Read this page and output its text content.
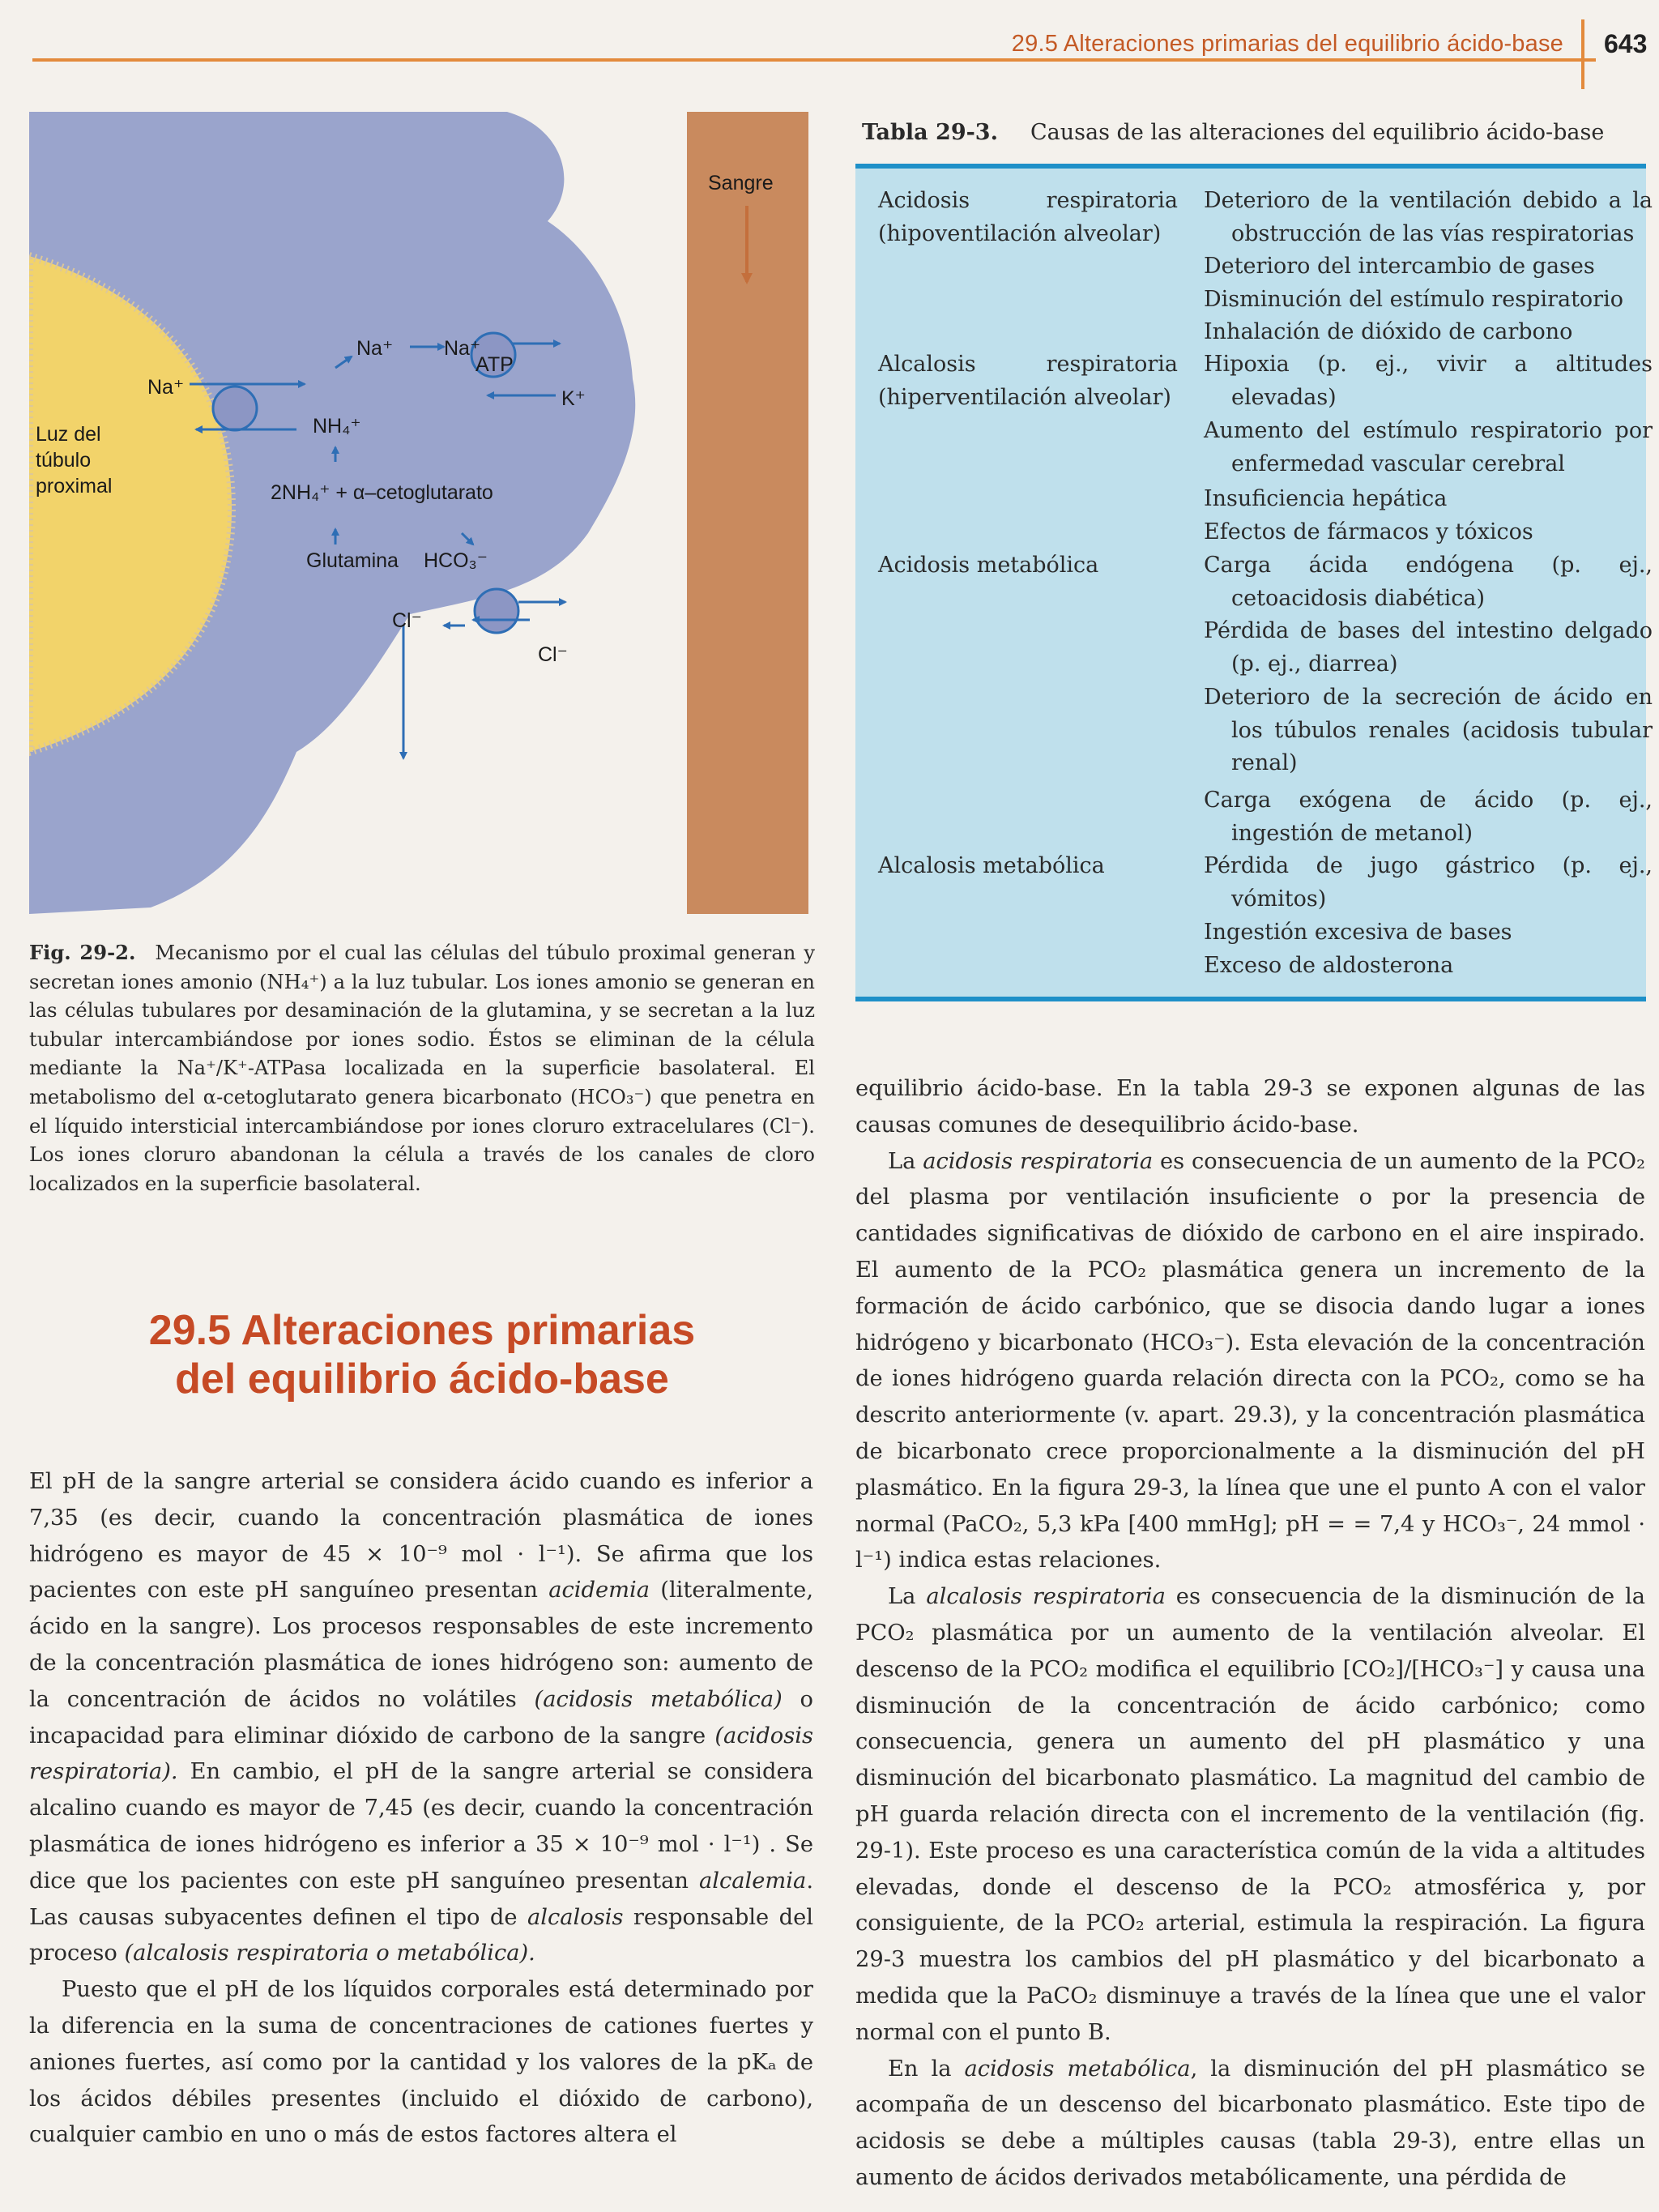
29.5 Alteraciones primarias del equilibrio ácido-base 643
Sangre
Luz del
túbulo
proximal
Na⁺
Na⁺	Na⁺
ATP
K⁺
NH₄⁺
2NH₄⁺ + α–cetoglutarato
Glutamina HCO₃⁻
Cl⁻
Cl⁻
Fig. 29-2. Mecanismo por el cual las células del túbulo proximal generan y secretan iones amonio (NH₄⁺) a la luz tubular. Los iones amonio se generan en las células tubulares por desaminación de la glutamina, y se secretan a la luz tubular intercambiándose por iones sodio. Éstos se eliminan de la célula mediante la Na⁺/K⁺-ATPasa localizada en la superficie basolateral. El metabolismo del α-cetoglutarato genera bicarbonato (HCO₃⁻) que penetra en el líquido intersticial intercambiándose por iones cloruro extracelulares (Cl⁻). Los iones cloruro abandonan la célula a través de los canales de cloro localizados en la superficie basolateral.
29.5 Alteraciones primarias
del equilibrio ácido-base

El pH de la sangre arterial se considera ácido cuando es inferior a 7,35 (es decir, cuando la concentración plasmática de iones hidrógeno es mayor de 45 × 10⁻⁹ mol · l⁻¹). Se afirma que los pacientes con este pH sanguíneo presentan acidemia (literalmente, ácido en la sangre). Los procesos responsables de este incremento de la concentración plasmática de iones hidrógeno son: aumento de la concentración de ácidos no volátiles (acidosis metabólica) o incapacidad para eliminar dióxido de carbono de la sangre (acidosis respiratoria). En cambio, el pH de la sangre arterial se considera alcalino cuando es mayor de 7,45 (es decir, cuando la concentración plasmática de iones hidrógeno es inferior a 35 × 10⁻⁹ mol · l⁻¹) . Se dice que los pacientes con este pH sanguíneo presentan alcalemia. Las causas subyacentes definen el tipo de alcalosis responsable del proceso (alcalosis respiratoria o metabólica).

Puesto que el pH de los líquidos corporales está determinado por la diferencia en la suma de concentraciones de cationes fuertes y aniones fuertes, así como por la cantidad y los valores de la pKₐ de los ácidos débiles presentes (incluido el dióxido de carbono), cualquier cambio en uno o más de estos factores altera el

Tabla 29-3. Causas de las alteraciones del equilibrio ácido-base
Acidosis respiratoria (hipoventilación alveolar)
Alcalosis respiratoria (hiperventilación alveolar)
Acidosis metabólica
Alcalosis metabólica
Deterioro de la ventilación debido a la obstrucción de las vías respiratorias
Deterioro del intercambio de gases
Disminución del estímulo respiratorio
Inhalación de dióxido de carbono
Hipoxia (p. ej., vivir a altitudes elevadas)
Aumento del estímulo respiratorio por enfermedad vascular cerebral
Insuficiencia hepática
Efectos de fármacos y tóxicos
Carga ácida endógena (p. ej., cetoacidosis diabética)
Pérdida de bases del intestino delgado (p. ej., diarrea)
Deterioro de la secreción de ácido en los túbulos renales (acidosis tubular renal)
Carga exógena de ácido (p. ej., ingestión de metanol)
Pérdida de jugo gástrico (p. ej., vómitos)
Ingestión excesiva de bases
Exceso de aldosterona

equilibrio ácido-base. En la tabla 29-3 se exponen algunas de las causas comunes de desequilibrio ácido-base.

La acidosis respiratoria es consecuencia de un aumento de la PCO₂ del plasma por ventilación insuficiente o por la presencia de cantidades significativas de dióxido de carbono en el aire inspirado. El aumento de la PCO₂ plasmática genera un incremento de la formación de ácido carbónico, que se disocia dando lugar a iones hidrógeno y bicarbonato (HCO₃⁻). Esta elevación de la concentración de iones hidrógeno guarda relación directa con la PCO₂, como se ha descrito anteriormente (v. apart. 29.3), y la concentración plasmática de bicarbonato crece proporcionalmente a la disminución del pH plasmático. En la figura 29-3, la línea que une el punto A con el valor normal (PaCO₂, 5,3 kPa [400 mmHg]; pH = = 7,4 y HCO₃⁻, 24 mmol · l⁻¹) indica estas relaciones.

La alcalosis respiratoria es consecuencia de la disminución de la PCO₂ plasmática por un aumento de la ventilación alveolar. El descenso de la PCO₂ modifica el equilibrio [CO₂]/[HCO₃⁻] y causa una disminución de la concentración de ácido carbónico; como consecuencia, genera un aumento del pH plasmático y una disminución del bicarbonato plasmático. La magnitud del cambio de pH guarda relación directa con el incremento de la ventilación (fig. 29-1). Este proceso es una característica común de la vida a altitudes elevadas, donde el descenso de la PCO₂ atmosférica y, por consiguiente, de la PCO₂ arterial, estimula la respiración. La figura 29-3 muestra los cambios del pH plasmático y del bicarbonato a medida que la PaCO₂ disminuye a través de la línea que une el valor normal con el punto B.

En la acidosis metabólica, la disminución del pH plasmático se acompaña de un descenso del bicarbonato plasmático. Este tipo de acidosis se debe a múltiples causas (tabla 29-3), entre ellas un aumento de ácidos derivados metabólicamente, una pérdida de
